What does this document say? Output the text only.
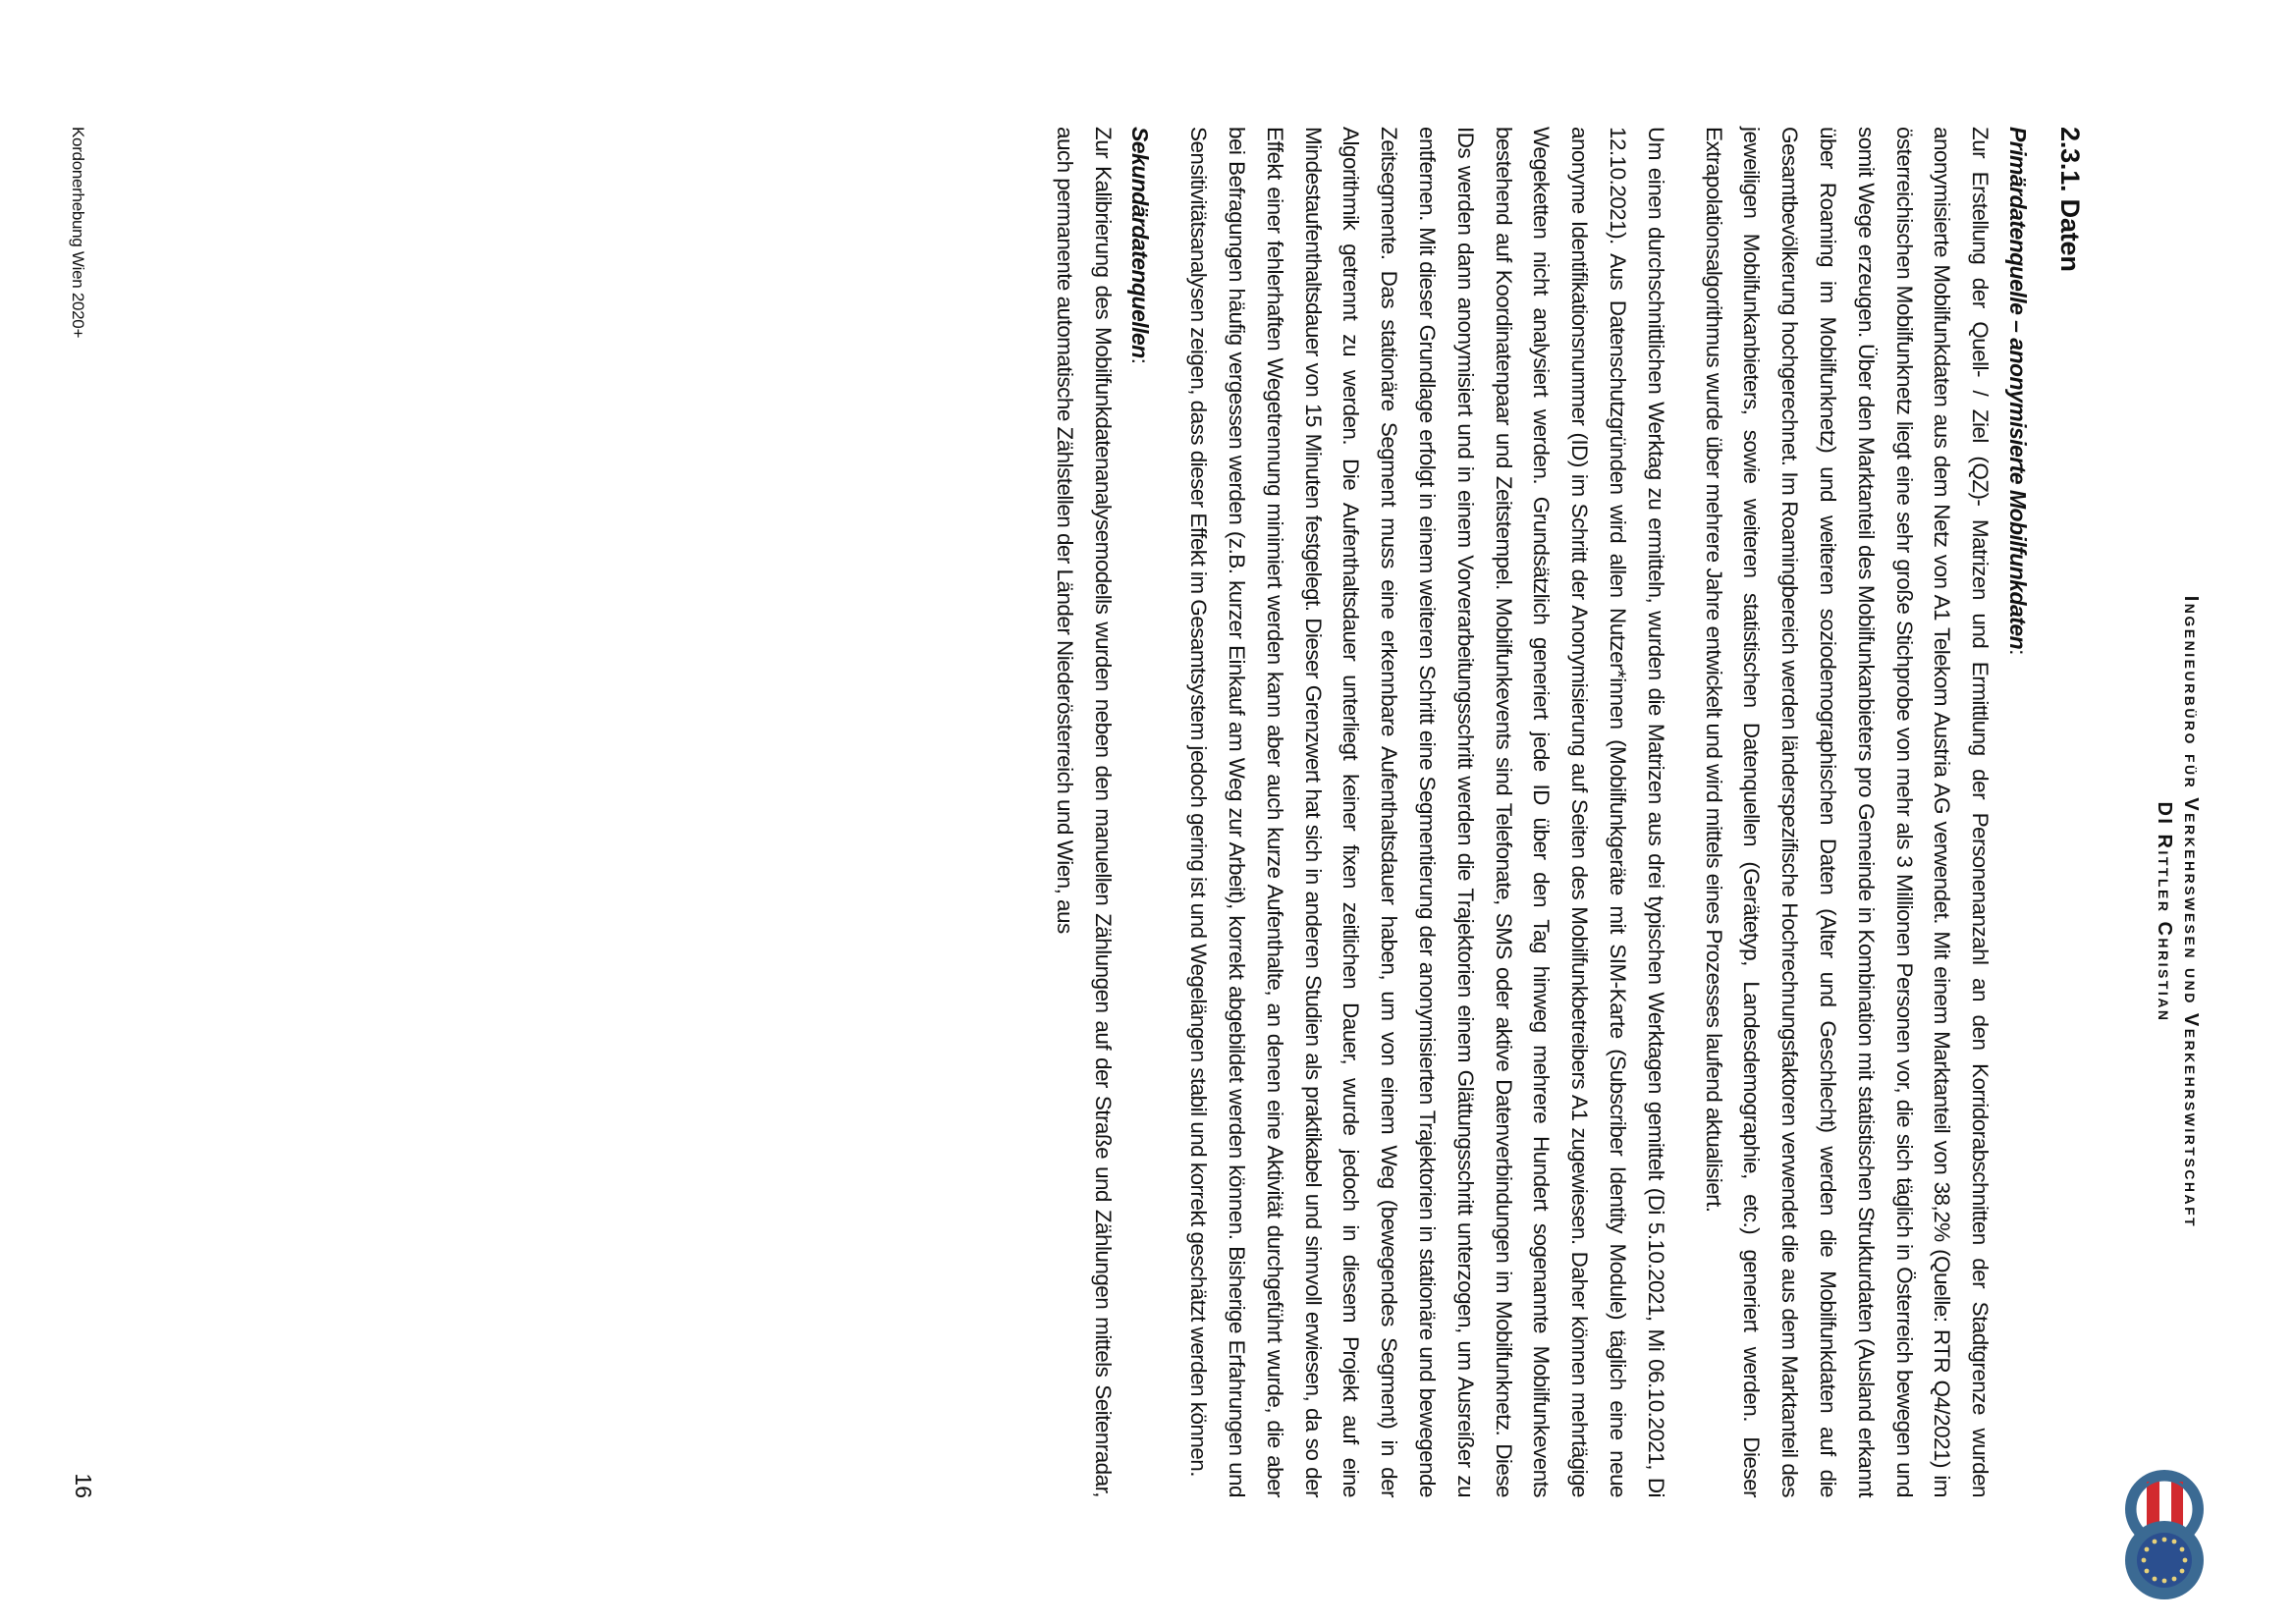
Ingenieurbüro für Verkehrswesen und Verkehrswirtschaft
DI Rittler Christian
2.3.1. Daten
Primärdatenquelle – anonymisierte Mobilfunkdaten:

Zur Erstellung der Quell- / Ziel (QZ)- Matrizen und Ermittlung der Personenanzahl an den Korridorabschnitten der Stadtgrenze wurden anonymisierte Mobilfunkdaten aus dem Netz von A1 Telekom Austria AG verwendet. Mit einem Marktanteil von 38,2% (Quelle: RTR Q4/2021) im österreichischen Mobilfunknetz liegt eine sehr große Stichprobe von mehr als 3 Millionen Personen vor, die sich täglich in Österreich bewegen und somit Wege erzeugen. Über den Marktanteil des Mobilfunkanbieters pro Gemeinde in Kombination mit statistischen Strukturdaten (Ausland erkannt über Roaming im Mobilfunknetz) und weiteren soziodemographischen Daten (Alter und Geschlecht) werden die Mobilfunkdaten auf die Gesamtbevölkerung hochgerechnet. Im Roamingbereich werden länderspezifische Hochrechnungsfaktoren verwendet die aus dem Marktanteil des jeweiligen Mobilfunkanbieters, sowie weiteren statistischen Datenquellen (Gerätetyp, Landesdemographie, etc.) generiert werden. Dieser Extrapolationsalgorithmus wurde über mehrere Jahre entwickelt und wird mittels eines Prozesses laufend aktualisiert.

Um einen durchschnittlichen Werktag zu ermitteln, wurden die Matrizen aus drei typischen Werktagen gemittelt (Di 5.10.2021, Mi 06.10.2021, Di 12.10.2021). Aus Datenschutzgründen wird allen Nutzer*innen (Mobilfunkgeräte mit SIM-Karte (Subscriber Identity Module) täglich eine neue anonyme Identifikationsnummer (ID) im Schritt der Anonymisierung auf Seiten des Mobilfunkbetreibers A1 zugewiesen. Daher können mehrtägige Wegeketten nicht analysiert werden. Grundsätzlich generiert jede ID über den Tag hinweg mehrere Hundert sogenannte Mobilfunkevents bestehend auf Koordinatenpaar und Zeitstempel. Mobilfunkevents sind Telefonate, SMS oder aktive Datenverbindungen im Mobilfunknetz. Diese IDs werden dann anonymisiert und in einem Vorverarbeitungsschritt werden die Trajektorien einem Glättungsschritt unterzogen, um Ausreißer zu entfernen. Mit dieser Grundlage erfolgt in einem weiteren Schritt eine Segmentierung der anonymisierten Trajektorien in stationäre und bewegende Zeitsegmente. Das stationäre Segment muss eine erkennbare Aufenthaltsdauer haben, um von einem Weg (bewegendes Segment) in der Algorithmik getrennt zu werden. Die Aufenthaltsdauer unterliegt keiner fixen zeitlichen Dauer, wurde jedoch in diesem Projekt auf eine Mindestaufenthaltsdauer von 15 Minuten festgelegt. Dieser Grenzwert hat sich in anderen Studien als praktikabel und sinnvoll erwiesen, da so der Effekt einer fehlerhaften Wegetrennung minimiert werden kann aber auch kurze Aufenthalte, an denen eine Aktivität durchgeführt wurde, die aber bei Befragungen häufig vergessen werden (z.B. kurzer Einkauf am Weg zur Arbeit), korrekt abgebildet werden können. Bisherige Erfahrungen und Sensitivitätsanalysen zeigen, dass dieser Effekt im Gesamtsystem jedoch gering ist und Wegelängen stabil und korrekt geschätzt werden können.

Sekundärdatenquellen:

Zur Kalibrierung des Mobilfunkdatenanalysemodells wurden neben den manuellen Zählungen auf der Straße und Zählungen mittels Seitenradar, auch permanente automatische Zählstellen der Länder Niederösterreich und Wien, aus

Kordonerhebung Wien 2020+
16
